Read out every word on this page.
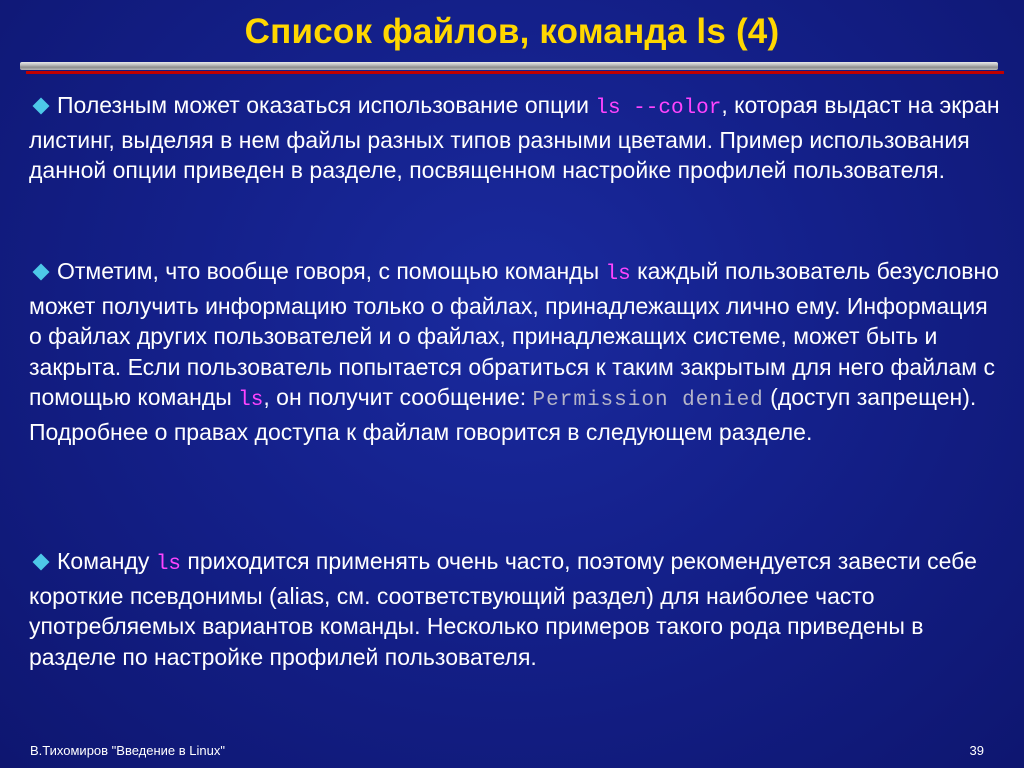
Список файлов, команда ls (4)
Полезным может оказаться использование опции ls --color, которая выдаст на экран листинг, выделяя в нем файлы разных типов разными цветами. Пример использования данной опции приведен в разделе, посвященном настройке профилей пользователя.
Отметим, что вообще говоря, с помощью команды ls каждый пользователь безусловно может получить информацию только о файлах, принадлежащих лично ему. Информация о файлах других пользователей и о файлах, принадлежащих системе, может быть и закрыта. Если пользователь попытается обратиться к таким закрытым для него файлам с помощью команды ls, он получит сообщение: Permission denied (доступ запрещен). Подробнее о правах доступа к файлам говорится в следующем разделе.
Команду ls приходится применять очень часто, поэтому рекомендуется завести себе короткие псевдонимы (alias, см. соответствующий раздел) для наиболее часто употребляемых вариантов команды. Несколько примеров такого рода приведены в разделе по настройке профилей пользователя.
В.Тихомиров "Введение в Linux"	39
